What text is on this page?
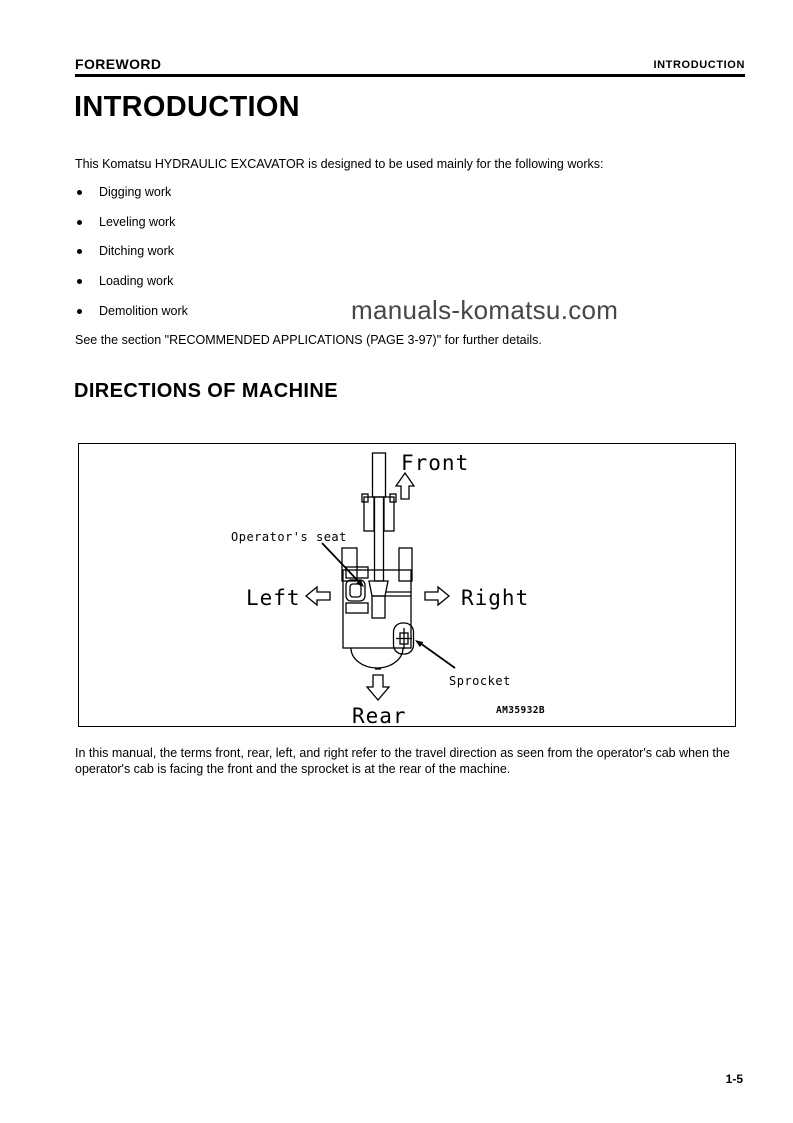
FOREWORD	INTRODUCTION
INTRODUCTION
This Komatsu HYDRAULIC EXCAVATOR is designed to be used mainly for the following works:
Digging work
Leveling work
Ditching work
Loading work
Demolition work	manuals-komatsu.com
See the section "RECOMMENDED APPLICATIONS (PAGE 3-97)" for further details.
DIRECTIONS OF MACHINE
Front
Rear
Left	Right
Operator's seat
Sprocket
AM35932B
In this manual, the terms front, rear, left, and right refer to the travel direction as seen from the operator's cab when the operator's cab is facing the front and the sprocket is at the rear of the machine.
1-5
